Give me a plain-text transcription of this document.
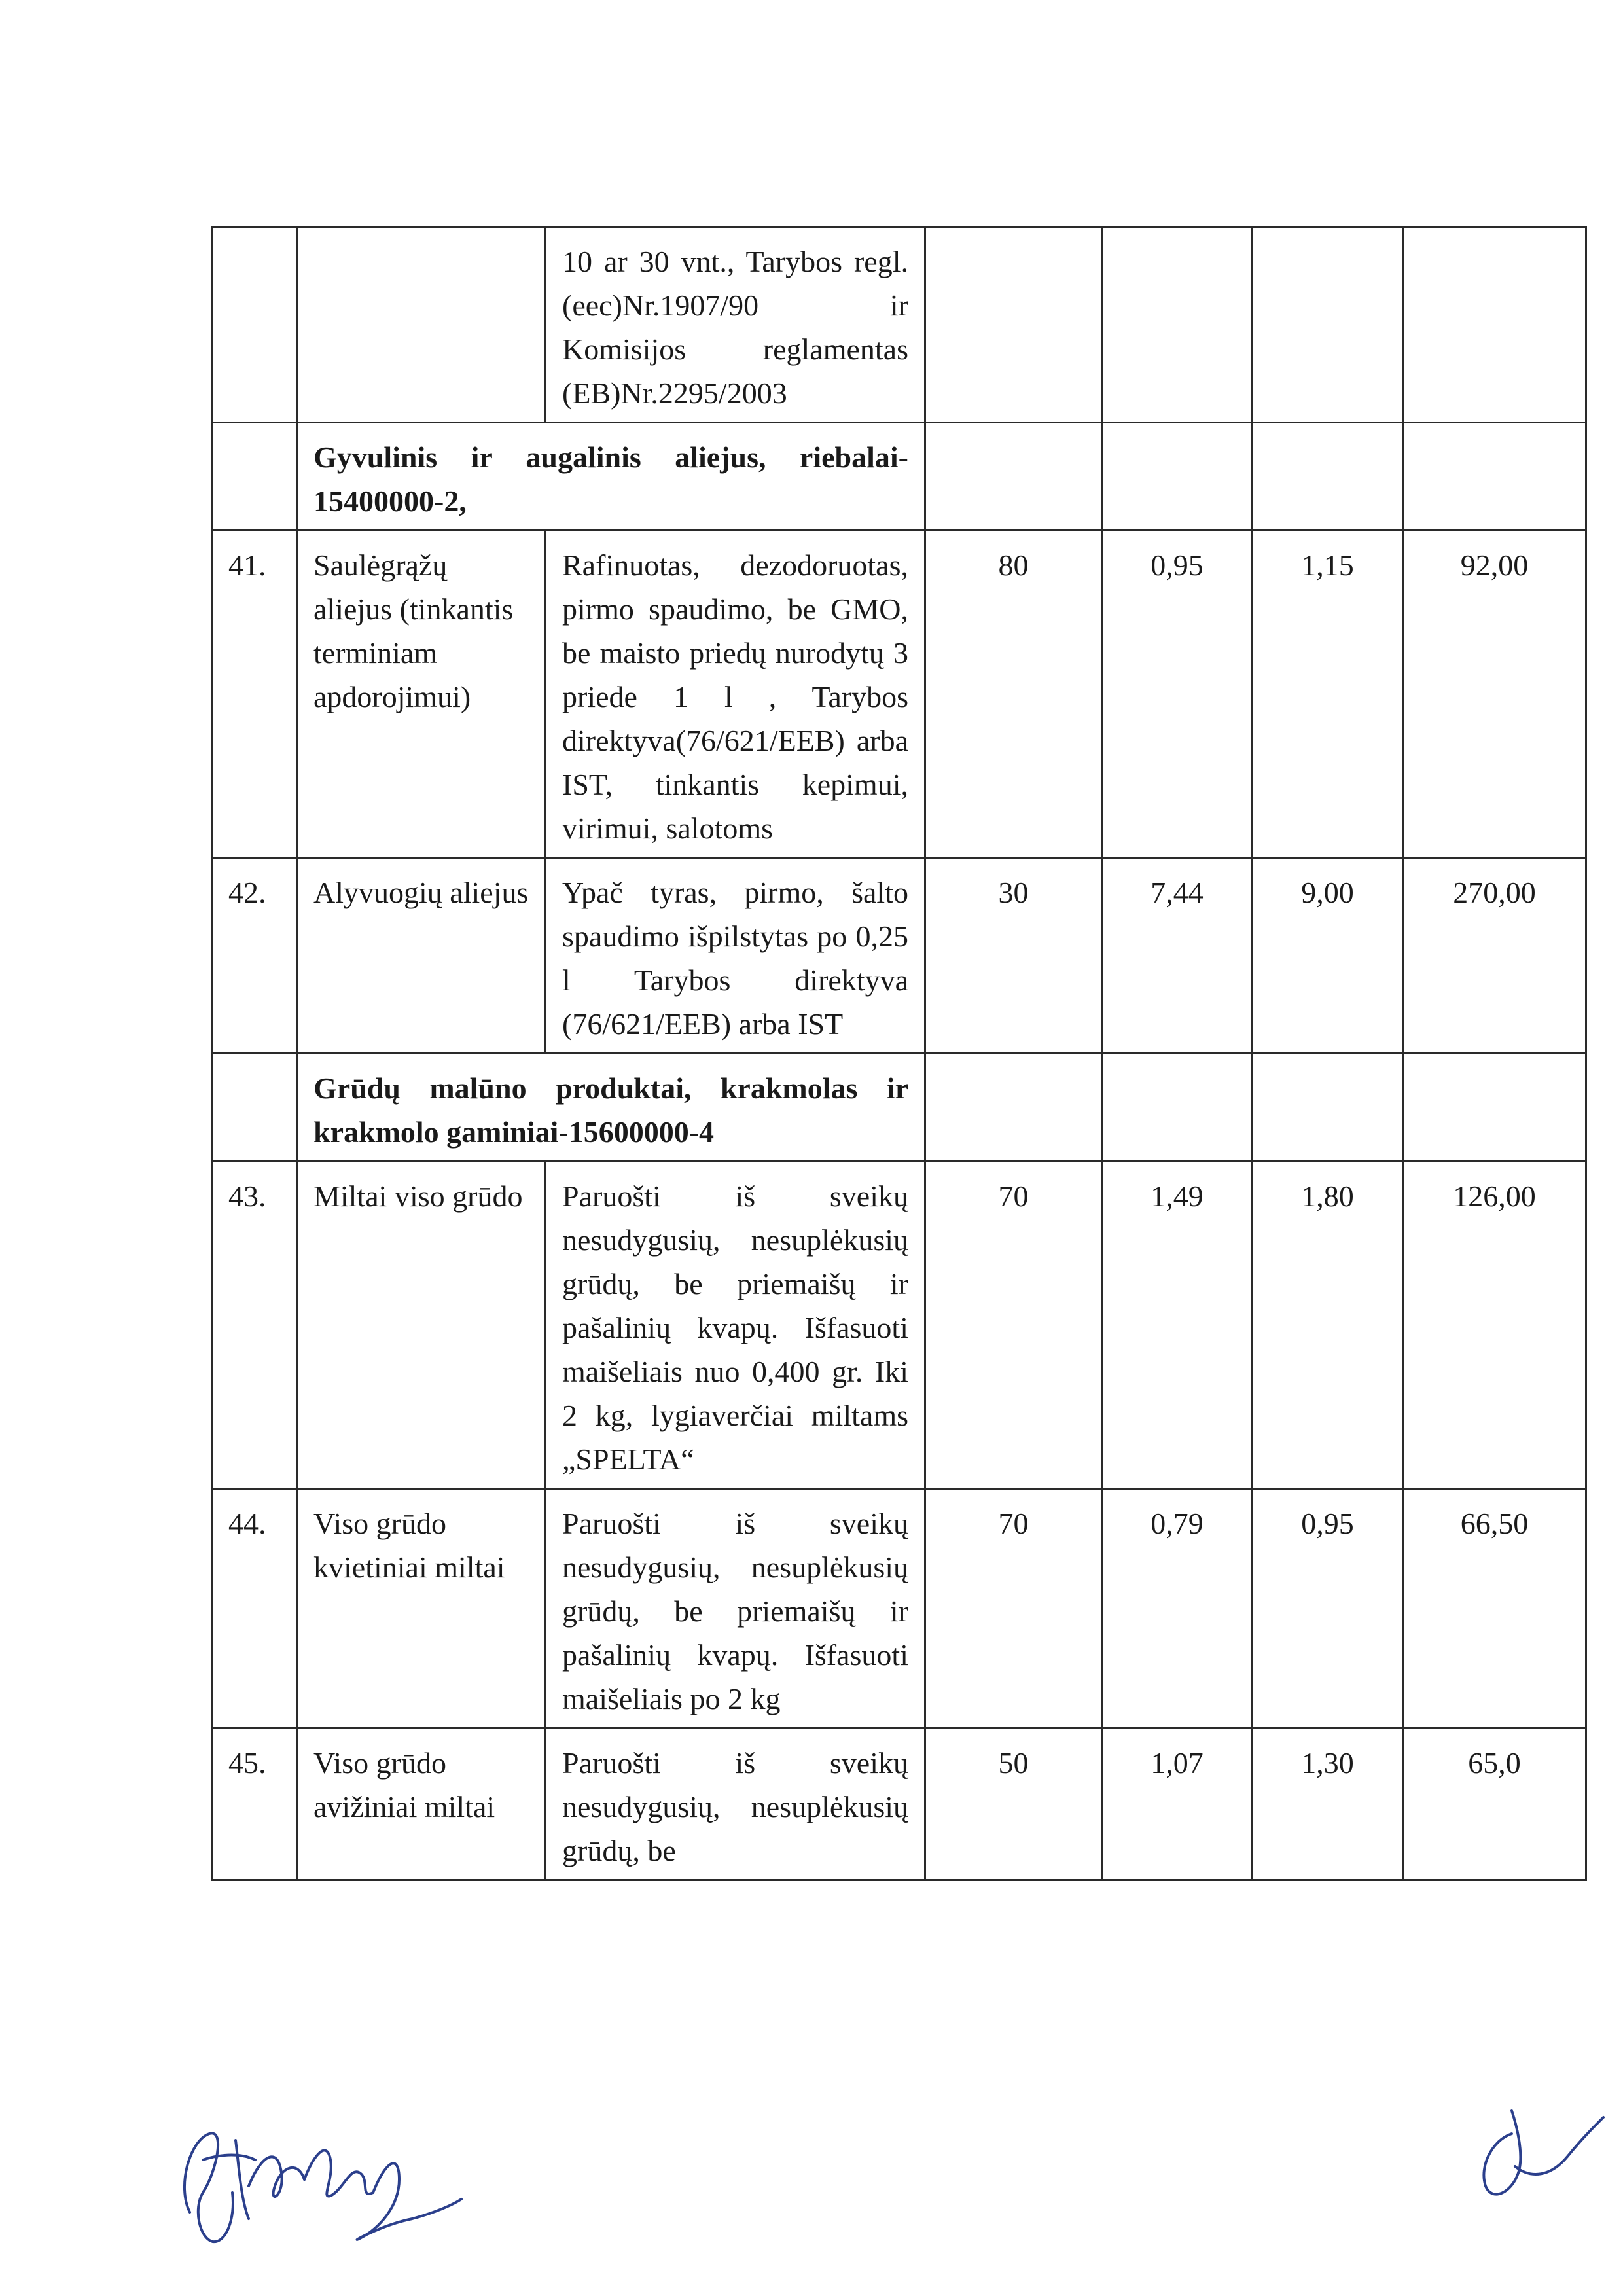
		10 ar 30 vnt., Tarybos regl.(eec)Nr.1907/90 ir Komisijos reglamentas (EB)Nr.2295/2003				
	Gyvulinis ir augalinis aliejus, riebalai-15400000-2,					
41.	Saulėgrąžų aliejus (tinkantis terminiam apdorojimui)	Rafinuotas, dezodoruotas, pirmo spaudimo, be GMO, be maisto priedų nurodytų 3 priede 1 l , Tarybos direktyva(76/621/EEB) arba IST, tinkantis kepimui, virimui, salotoms	80	0,95	1,15	92,00
42.	Alyvuogių aliejus	Ypač tyras, pirmo, šalto spaudimo išpilstytas po 0,25 l Tarybos direktyva (76/621/EEB) arba IST	30	7,44	9,00	270,00
	Grūdų malūno produktai, krakmolas ir krakmolo gaminiai-15600000-4					
43.	Miltai viso grūdo	Paruošti iš sveikų nesudygusių, nesuplėkusių grūdų, be priemaišų ir pašalinių kvapų. Išfasuoti maišeliais nuo 0,400 gr. Iki 2 kg, lygiaverčiai miltams „SPELTA“	70	1,49	1,80	126,00
44.	Viso grūdo kvietiniai miltai	Paruošti iš sveikų nesudygusių, nesuplėkusių grūdų, be priemaišų ir pašalinių kvapų. Išfasuoti maišeliais po 2 kg	70	0,79	0,95	66,50
45.	Viso grūdo avižiniai miltai	Paruošti iš sveikų nesudygusių, nesuplėkusių grūdų, be	50	1,07	1,30	65,0
